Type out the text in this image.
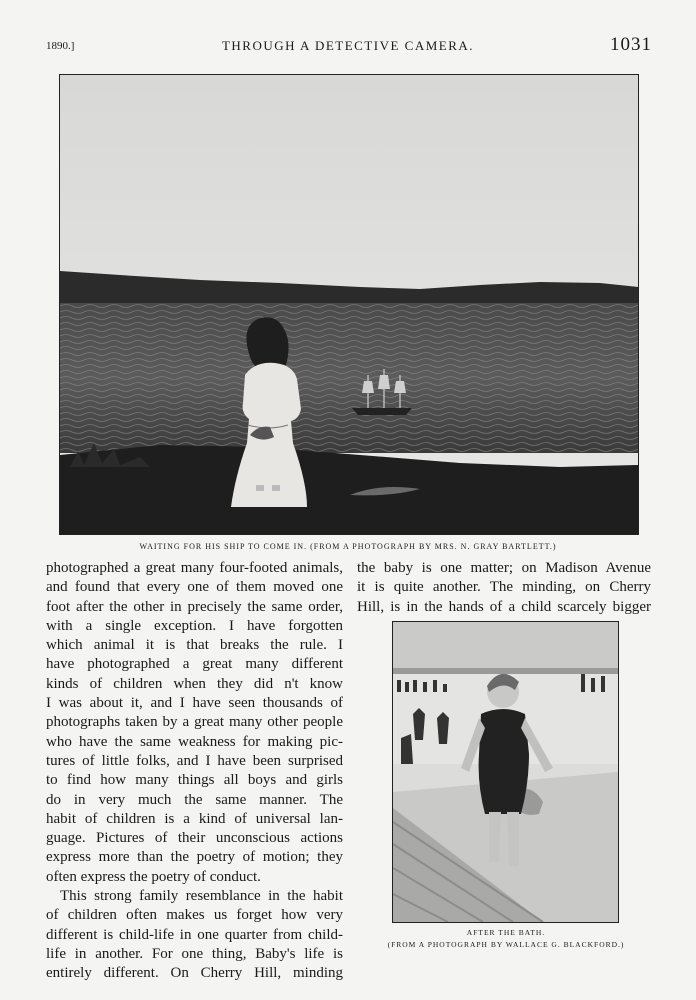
1890.]	THROUGH A DETECTIVE CAMERA.	1031
WAITING FOR HIS SHIP TO COME IN. (FROM A PHOTOGRAPH BY MRS. N. GRAY BARTLETT.)

photographed a great many four-footed animals,
and found that every one of them moved one
foot after the other in precisely the same order,
with a single exception. I have forgotten
which animal it is that breaks the rule. I
have photographed a great many different
kinds of children when they did n't know
I was about it, and I have seen thousands of
photographs taken by a great many other people
who have the same weakness for making pic-
tures of little folks, and I have been surprised
to find how many things all boys and girls
do in very much the same manner. The
habit of children is a kind of universal lan-
guage. Pictures of their unconscious actions
express more than the poetry of motion; they
often express the poetry of conduct.

This strong family resemblance in the habit
of children often makes us forget how very
different is child-life in one quarter from child-
life in another. For one thing, Baby's life is
entirely different. On Cherry Hill, minding

the baby is one matter; on Madison Avenue
it is quite another. The minding, on Cherry
Hill, is in the hands of a child scarcely bigger
AFTER THE BATH.
(FROM A PHOTOGRAPH BY WALLACE G. BLACKFORD.)
